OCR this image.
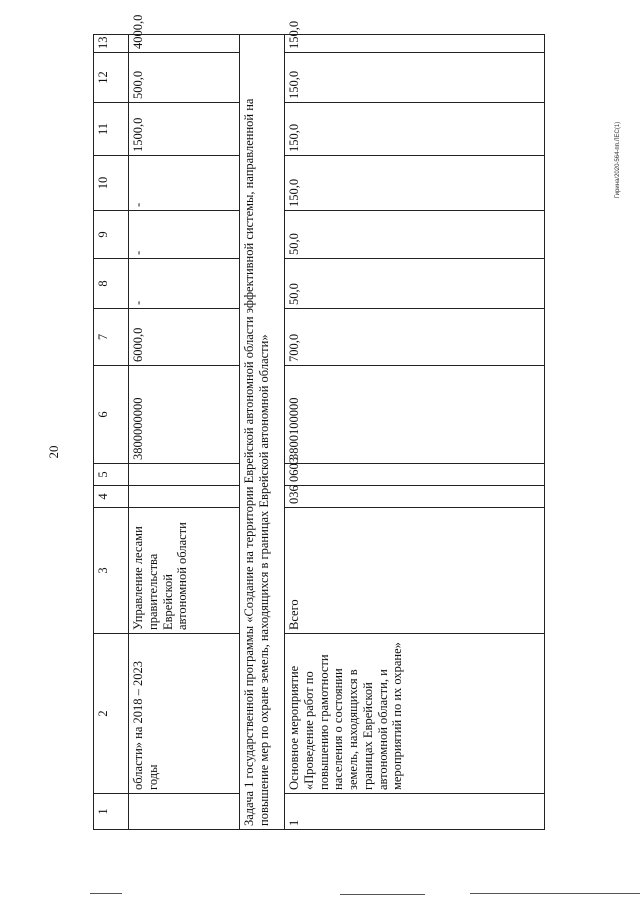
20
Гирина/2020-564-пп.ЛЕС(1)
1	2	3	4	5	6	7	8	9	10	11	12	13
	области» на 2018 – 2023 годы	Управление лесами правительства Еврейской автономной области			3800000000	6000,0	-	-	-	1500,0	500,0	4000,0
Задача 1 государственной программы «Создание на территории Еврейской автономной области эффективной системы, направленной на повышение мер по охране земель, находящихся в границах Еврейской автономной области»												
1	Основное мероприятие «Проведение работ по повышению грамотности населения о состоянии земель, находящихся в границах Еврейской автономной области, и мероприятий по их охране»	Всего	036	0603	3800100000	700,0	50,0	50,0	150,0	150,0	150,0	150,0
